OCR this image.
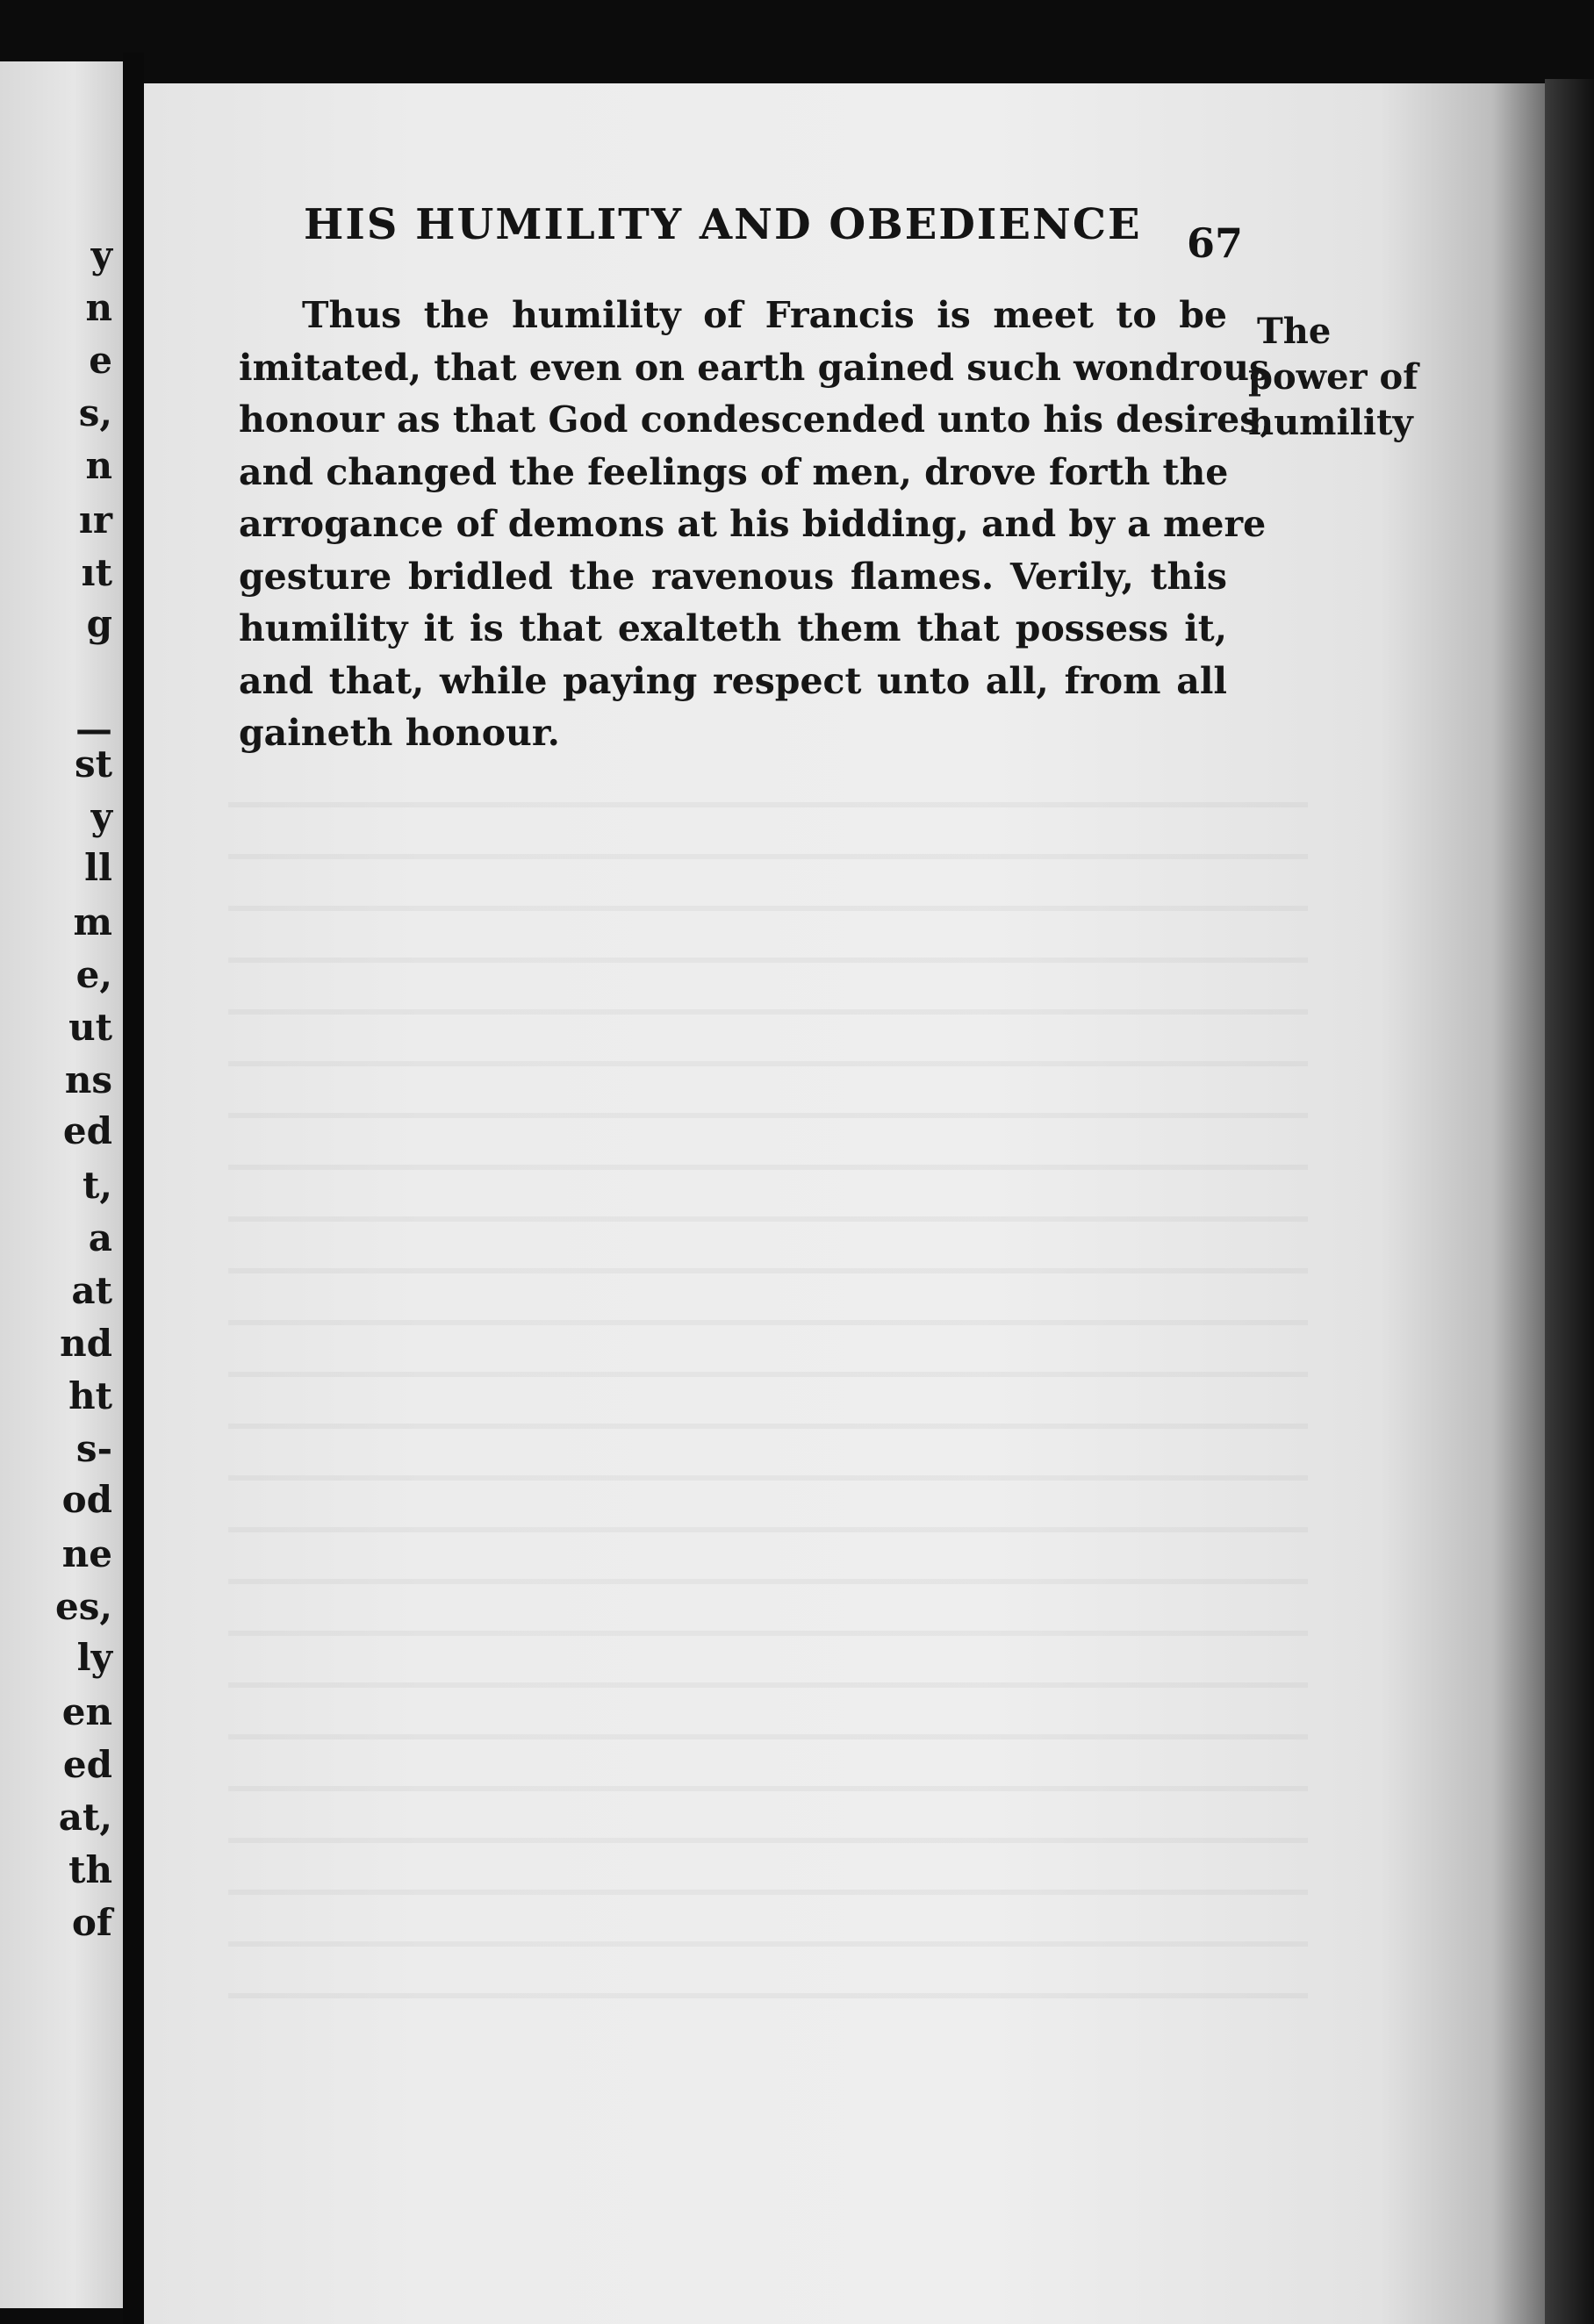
y
n
e
s,
n
ır
ıt
g
—
st
y
ll
m
e,
ut
ns
ed
t,
a
at
nd
ht
s-
od
ne
es,
ly
en
ed
at,
th
of
HIS HUMILITY AND OBEDIENCE 67
Thus the humility of Francis is meet to be
imitated, that even on earth gained such wondrous
honour as that God condescended unto his desires,
and changed the feelings of men, drove forth the
arrogance of demons at his bidding, and by a mere
gesture bridled the ravenous flames. Verily, this
humility it is that exalteth them that possess it,
and that, while paying respect unto all, from all
gaineth honour.
The
power of
humility
